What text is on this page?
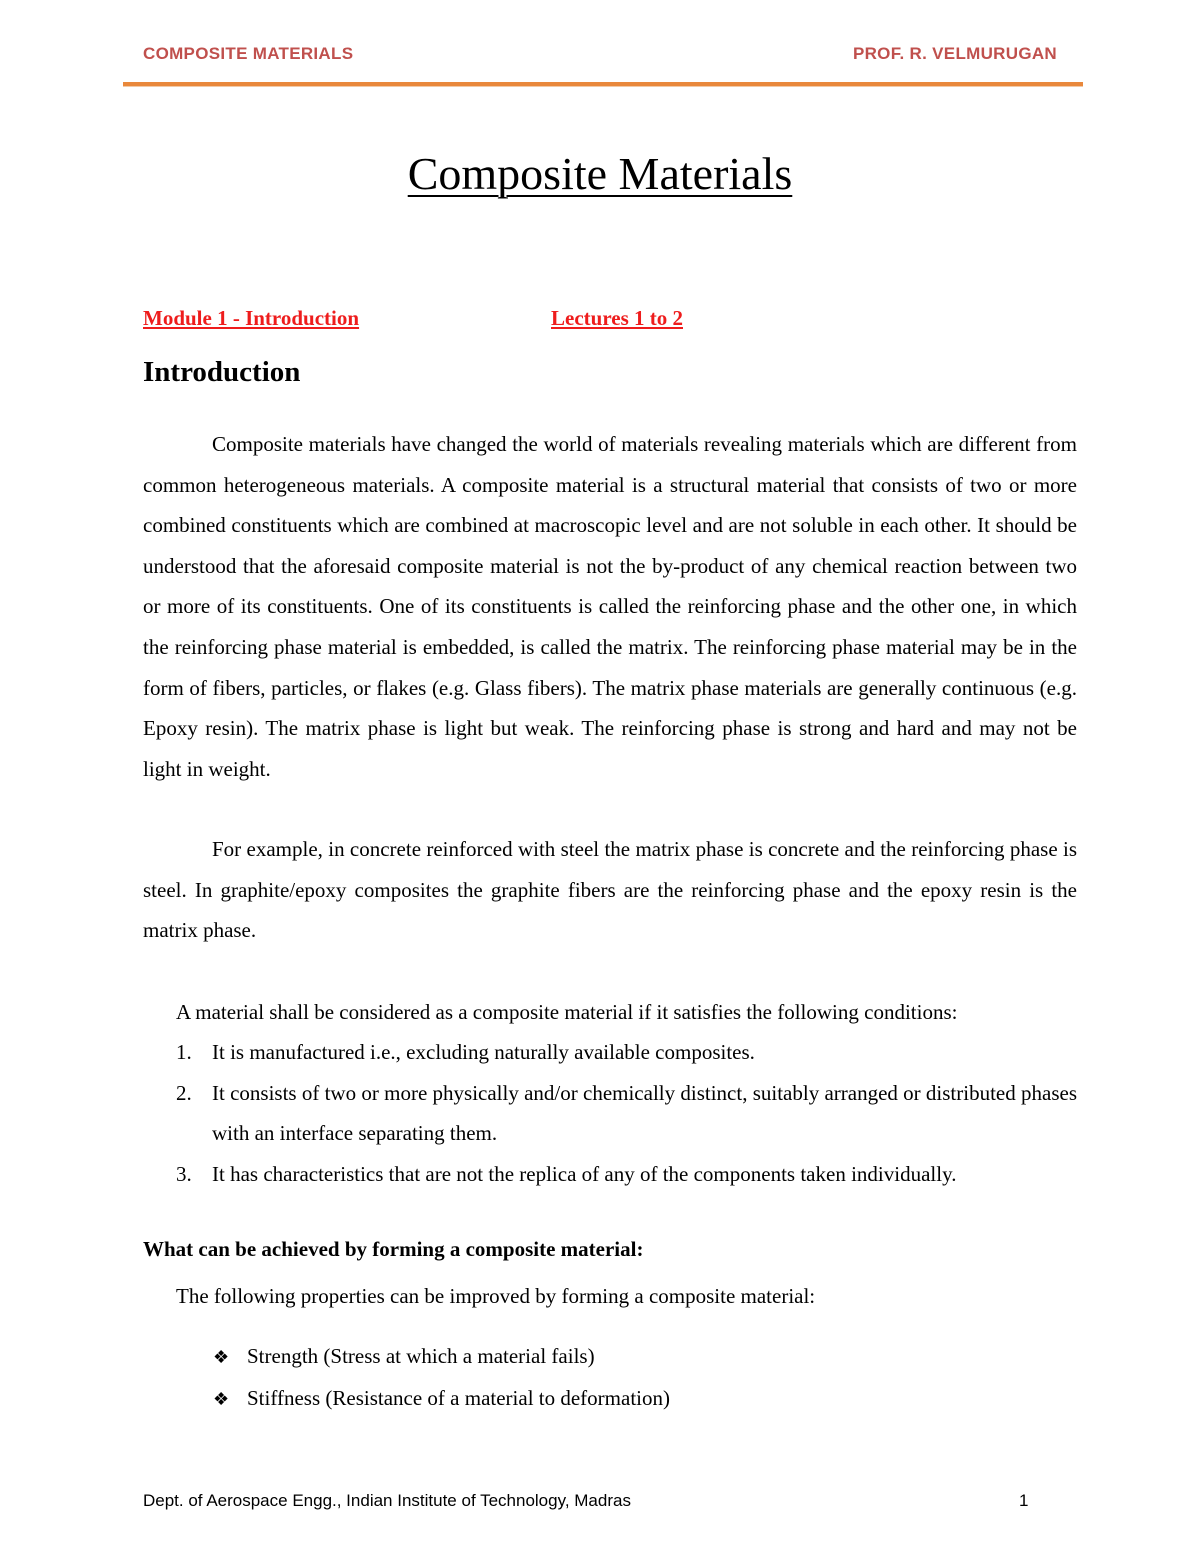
COMPOSITE MATERIALS	PROF. R. VELMURUGAN
Composite Materials
Module 1 - Introduction	Lectures 1 to 2
Introduction

Composite materials have changed the world of materials revealing materials which are different from common heterogeneous materials. A composite material is a structural material that consists of two or more combined constituents which are combined at macroscopic level and are not soluble in each other. It should be understood that the aforesaid composite material is not the by-product of any chemical reaction between two or more of its constituents. One of its constituents is called the reinforcing phase and the other one, in which the reinforcing phase material is embedded, is called the matrix. The reinforcing phase material may be in the form of fibers, particles, or flakes (e.g. Glass fibers). The matrix phase materials are generally continuous (e.g. Epoxy resin). The matrix phase is light but weak. The reinforcing phase is strong and hard and may not be light in weight.

For example, in concrete reinforced with steel the matrix phase is concrete and the reinforcing phase is steel. In graphite/epoxy composites the graphite fibers are the reinforcing phase and the epoxy resin is the matrix phase.

A material shall be considered as a composite material if it satisfies the following conditions:
1. It is manufactured i.e., excluding naturally available composites.
2. It consists of two or more physically and/or chemically distinct, suitably arranged or distributed phases with an interface separating them.
3. It has characteristics that are not the replica of any of the components taken individually.
What can be achieved by forming a composite material:
The following properties can be improved by forming a composite material:
❖ Strength (Stress at which a material fails)
❖ Stiffness (Resistance of a material to deformation)
Dept. of Aerospace Engg., Indian Institute of Technology, Madras	1
